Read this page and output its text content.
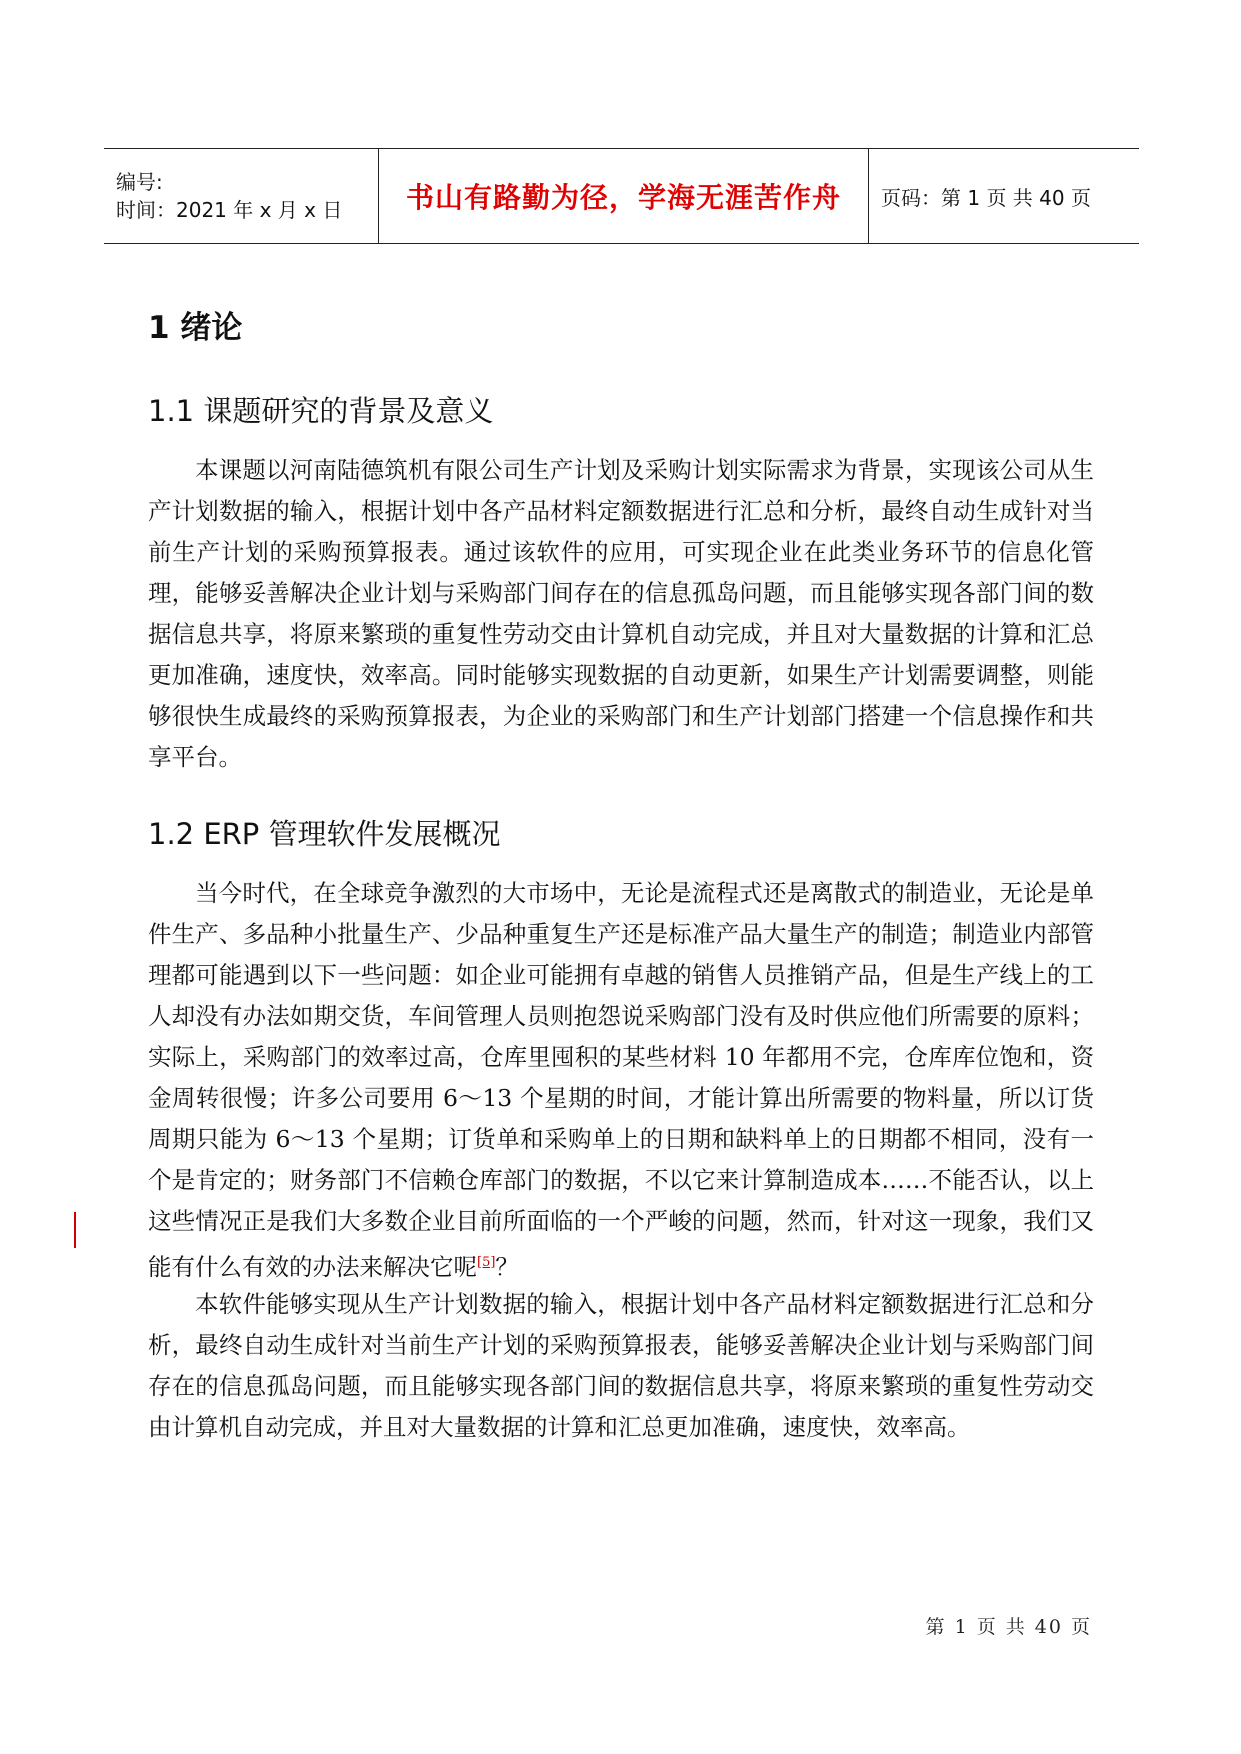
编号:
时间：2021 年 x 月 x 日	书山有路勤为径，学海无涯苦作舟 页码：第 1 页 共 40 页
1 绪论
1.1 课题研究的背景及意义

本课题以河南陆德筑机有限公司生产计划及采购计划实际需求为背景，实现该公司从生产计划数据的输入，根据计划中各产品材料定额数据进行汇总和分析，最终自动生成针对当前生产计划的采购预算报表。通过该软件的应用，可实现企业在此类业务环节的信息化管理，能够妥善解决企业计划与采购部门间存在的信息孤岛问题，而且能够实现各部门间的数据信息共享，将原来繁琐的重复性劳动交由计算机自动完成，并且对大量数据的计算和汇总更加准确，速度快，效率高。同时能够实现数据的自动更新，如果生产计划需要调整，则能够很快生成最终的采购预算报表，为企业的采购部门和生产计划部门搭建一个信息操作和共享平台。

1.2 ERP 管理软件发展概况

当今时代，在全球竞争激烈的大市场中，无论是流程式还是离散式的制造业，无论是单件生产、多品种小批量生产、少品种重复生产还是标准产品大量生产的制造；制造业内部管理都可能遇到以下一些问题：如企业可能拥有卓越的销售人员推销产品，但是生产线上的工人却没有办法如期交货，车间管理人员则抱怨说采购部门没有及时供应他们所需要的原料；实际上，采购部门的效率过高，仓库里囤积的某些材料 10 年都用不完，仓库库位饱和，资金周转很慢；许多公司要用 6～13 个星期的时间，才能计算出所需要的物料量，所以订货周期只能为 6～13 个星期；订货单和采购单上的日期和缺料单上的日期都不相同，没有一个是肯定的；财务部门不信赖仓库部门的数据，不以它来计算制造成本……不能否认，以上这些情况正是我们大多数企业目前所面临的一个严峻的问题，然而，针对这一现象，我们又能有什么有效的办法来解决它呢[5]？

本软件能够实现从生产计划数据的输入，根据计划中各产品材料定额数据进行汇总和分析，最终自动生成针对当前生产计划的采购预算报表，能够妥善解决企业计划与采购部门间存在的信息孤岛问题，而且能够实现各部门间的数据信息共享，将原来繁琐的重复性劳动交由计算机自动完成，并且对大量数据的计算和汇总更加准确，速度快，效率高。

第 1 页 共 40 页
